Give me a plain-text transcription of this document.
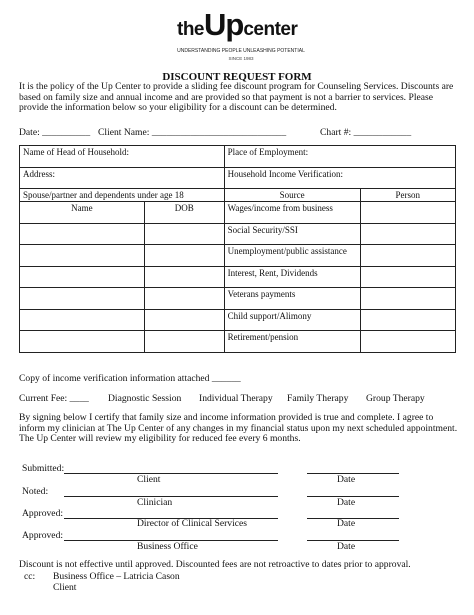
theUpcenter
UNDERSTANDING PEOPLE UNLEASHING POTENTIAL
SINCE 1983
DISCOUNT REQUEST FORM
It is the policy of the Up Center to provide a sliding fee discount program for Counseling Services. Discounts are based on family size and annual income and are provided so that payment is not a barrier to services. Please provide the information below so your eligibility for a discount can be determined.
Date: __________ Client Name: ____________________________	Chart #: ____________
Name of Head of Household:		Place of Employment:	
Address:		Household Income Verification:	
Spouse/partner and dependents under age 18		Source	Person
Name	DOB	Wages/income from business	
		Social Security/SSI	
		Unemployment/public assistance	
		Interest, Rent, Dividends	
		Veterans payments	
		Child support/Alimony	
		Retirement/pension	
Copy of income verification information attached ______
Current Fee: ____ Diagnostic Session Individual Therapy Family Therapy Group Therapy
By signing below I certify that family size and income information provided is true and complete. I agree to inform my clinician at The Up Center of any changes in my financial status upon my next scheduled appointment. The Up Center will review my eligibility for reduced fee every 6 months.
Submitted:
Client	Date
Noted:
Clinician	Date
Approved:
Director of Clinical Services	Date
Approved:
Business Office	Date
Discount is not effective until approved. Discounted fees are not retroactive to dates prior to approval.
cc: Business Office – Latricia Cason
Client
